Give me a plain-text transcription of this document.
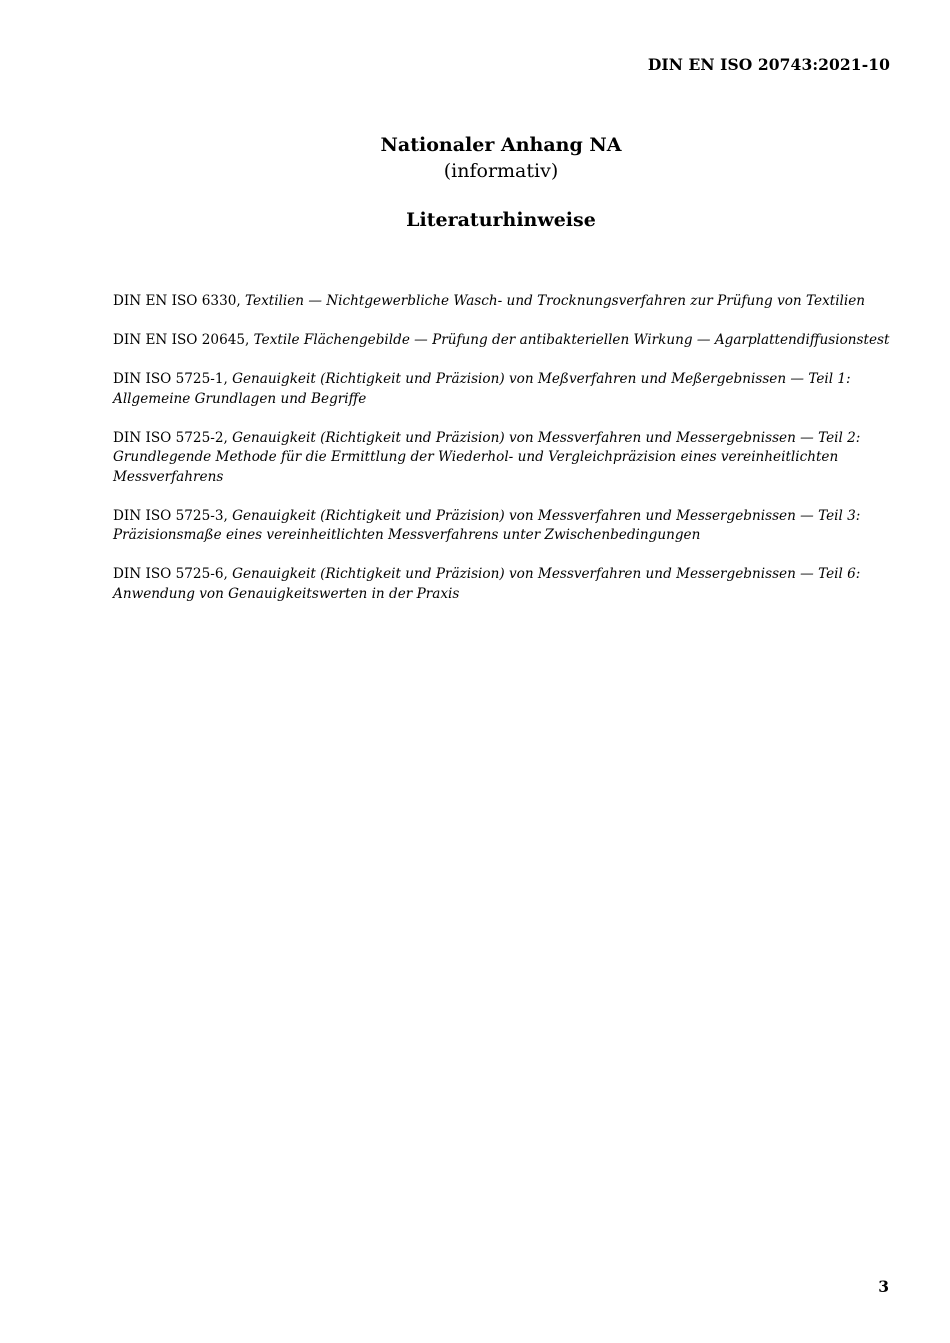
DIN EN ISO 20743:2021-10
Nationaler Anhang NA
(informativ)
Literaturhinweise
DIN EN ISO 6330, Textilien — Nichtgewerbliche Wasch- und Trocknungsverfahren zur Prüfung von Textilien
DIN EN ISO 20645, Textile Flächengebilde — Prüfung der antibakteriellen Wirkung — Agarplattendiffusionstest
DIN ISO 5725-1, Genauigkeit (Richtigkeit und Präzision) von Meßverfahren und Meßergebnissen — Teil 1: Allgemeine Grundlagen und Begriffe
DIN ISO 5725-2, Genauigkeit (Richtigkeit und Präzision) von Messverfahren und Messergebnissen — Teil 2: Grundlegende Methode für die Ermittlung der Wiederhol- und Vergleichpräzision eines vereinheitlichten Messverfahrens
DIN ISO 5725-3, Genauigkeit (Richtigkeit und Präzision) von Messverfahren und Messergebnissen — Teil 3: Präzisionsmaße eines vereinheitlichten Messverfahrens unter Zwischenbedingungen
DIN ISO 5725-6, Genauigkeit (Richtigkeit und Präzision) von Messverfahren und Messergebnissen — Teil 6: Anwendung von Genauigkeitswerten in der Praxis
3
